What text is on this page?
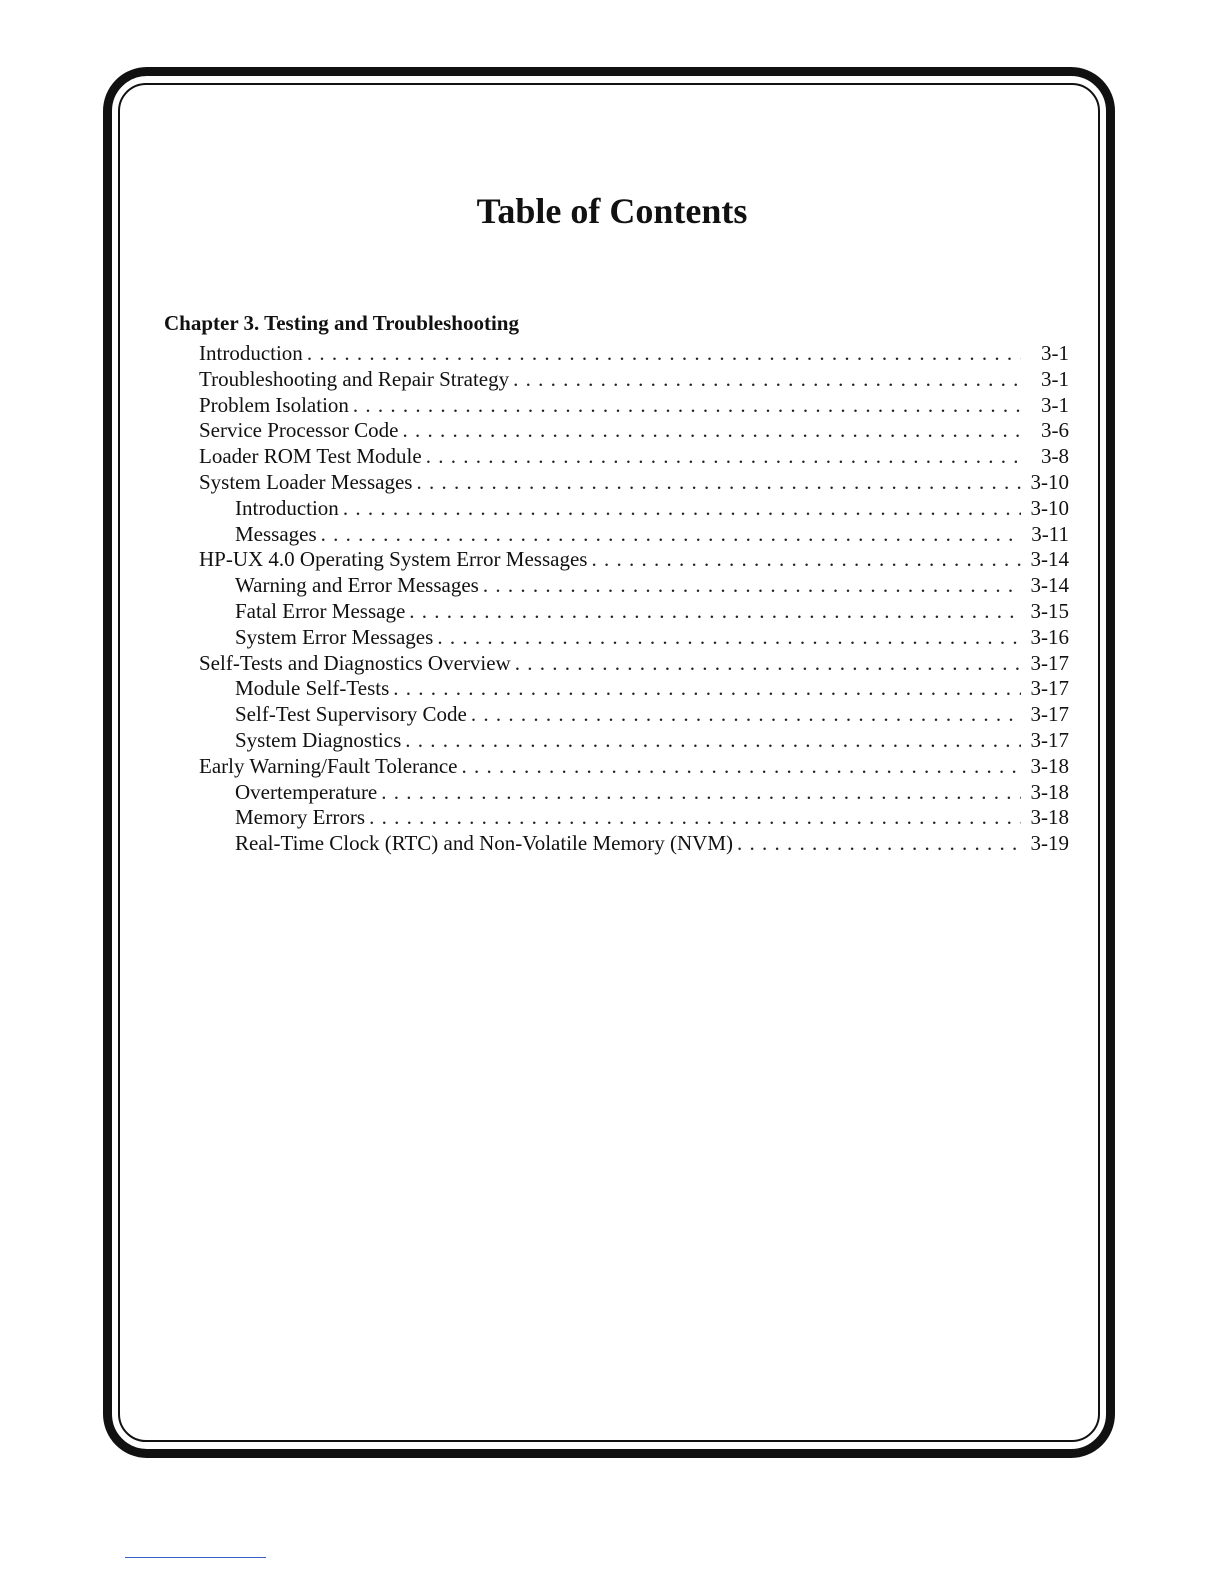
Table of Contents
Chapter 3. Testing and Troubleshooting
Introduction . . .	3-1
Troubleshooting and Repair Strategy . . .	3-1
Problem Isolation . . .	3-1
Service Processor Code . . .	3-6
Loader ROM Test Module . . .	3-8
System Loader Messages . . .	3-10
Introduction . . .	3-10
Messages . . .	3-11
HP-UX 4.0 Operating System Error Messages . . .	3-14
Warning and Error Messages . . .	3-14
Fatal Error Message . . .	3-15
System Error Messages . . .	3-16
Self-Tests and Diagnostics Overview . . .	3-17
Module Self-Tests . . .	3-17
Self-Test Supervisory Code . . .	3-17
System Diagnostics . . .	3-17
Early Warning/Fault Tolerance . . .	3-18
Overtemperature . . .	3-18
Memory Errors . . .	3-18
Real-Time Clock (RTC) and Non-Volatile Memory (NVM) . . .	3-19
